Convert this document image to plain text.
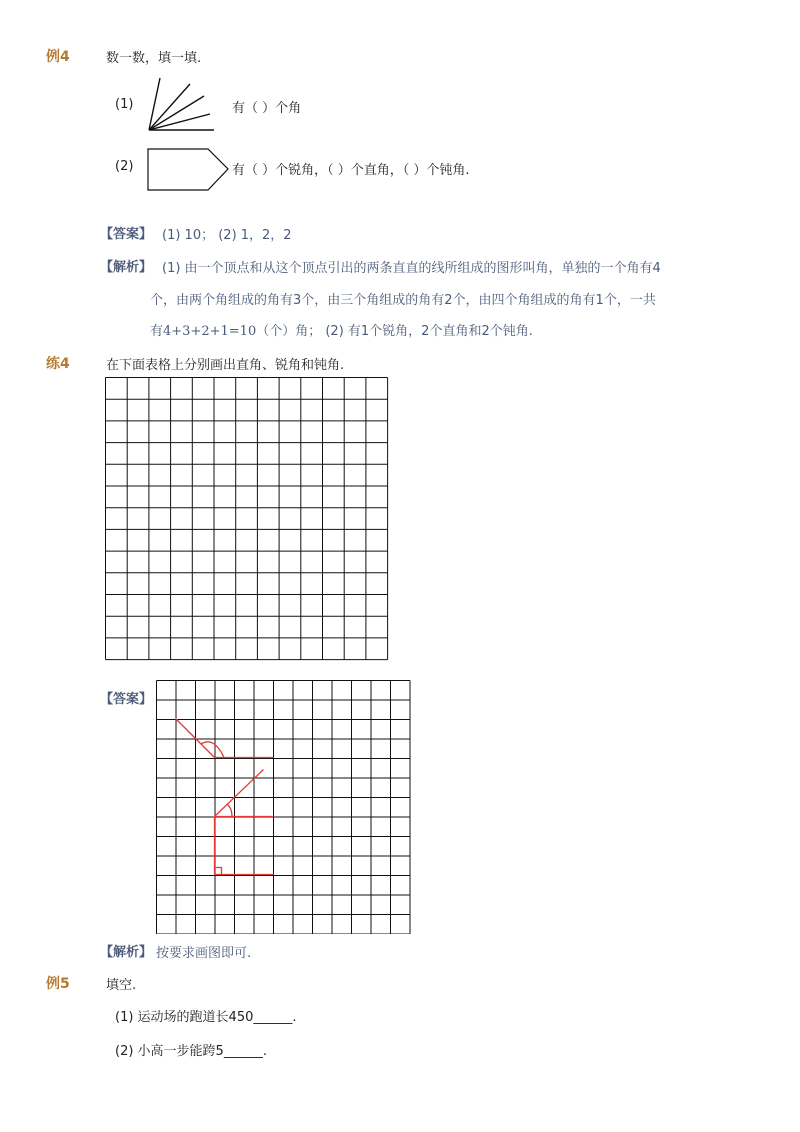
例4	数一数，填一填.
(1)	有（ ）个角
(2)	有（ ）个锐角，（ ）个直角，（ ）个钝角.
【答案】 (1) 10； (2) 1，2，2
【解析】 (1) 由一个顶点和从这个顶点引出的两条直直的线所组成的图形叫角，单独的一个角有4
个，由两个角组成的角有3个，由三个角组成的角有2个，由四个角组成的角有1个，一共
有4+3+2+1=10（个）角； (2) 有1个锐角，2个直角和2个钝角.
练4	在下面表格上分别画出直角、锐角和钝角.
【答案】
【解析】 按要求画图即可.
例5	填空.
(1) 运动场的跑道长450______.
(2) 小高一步能跨5______.
